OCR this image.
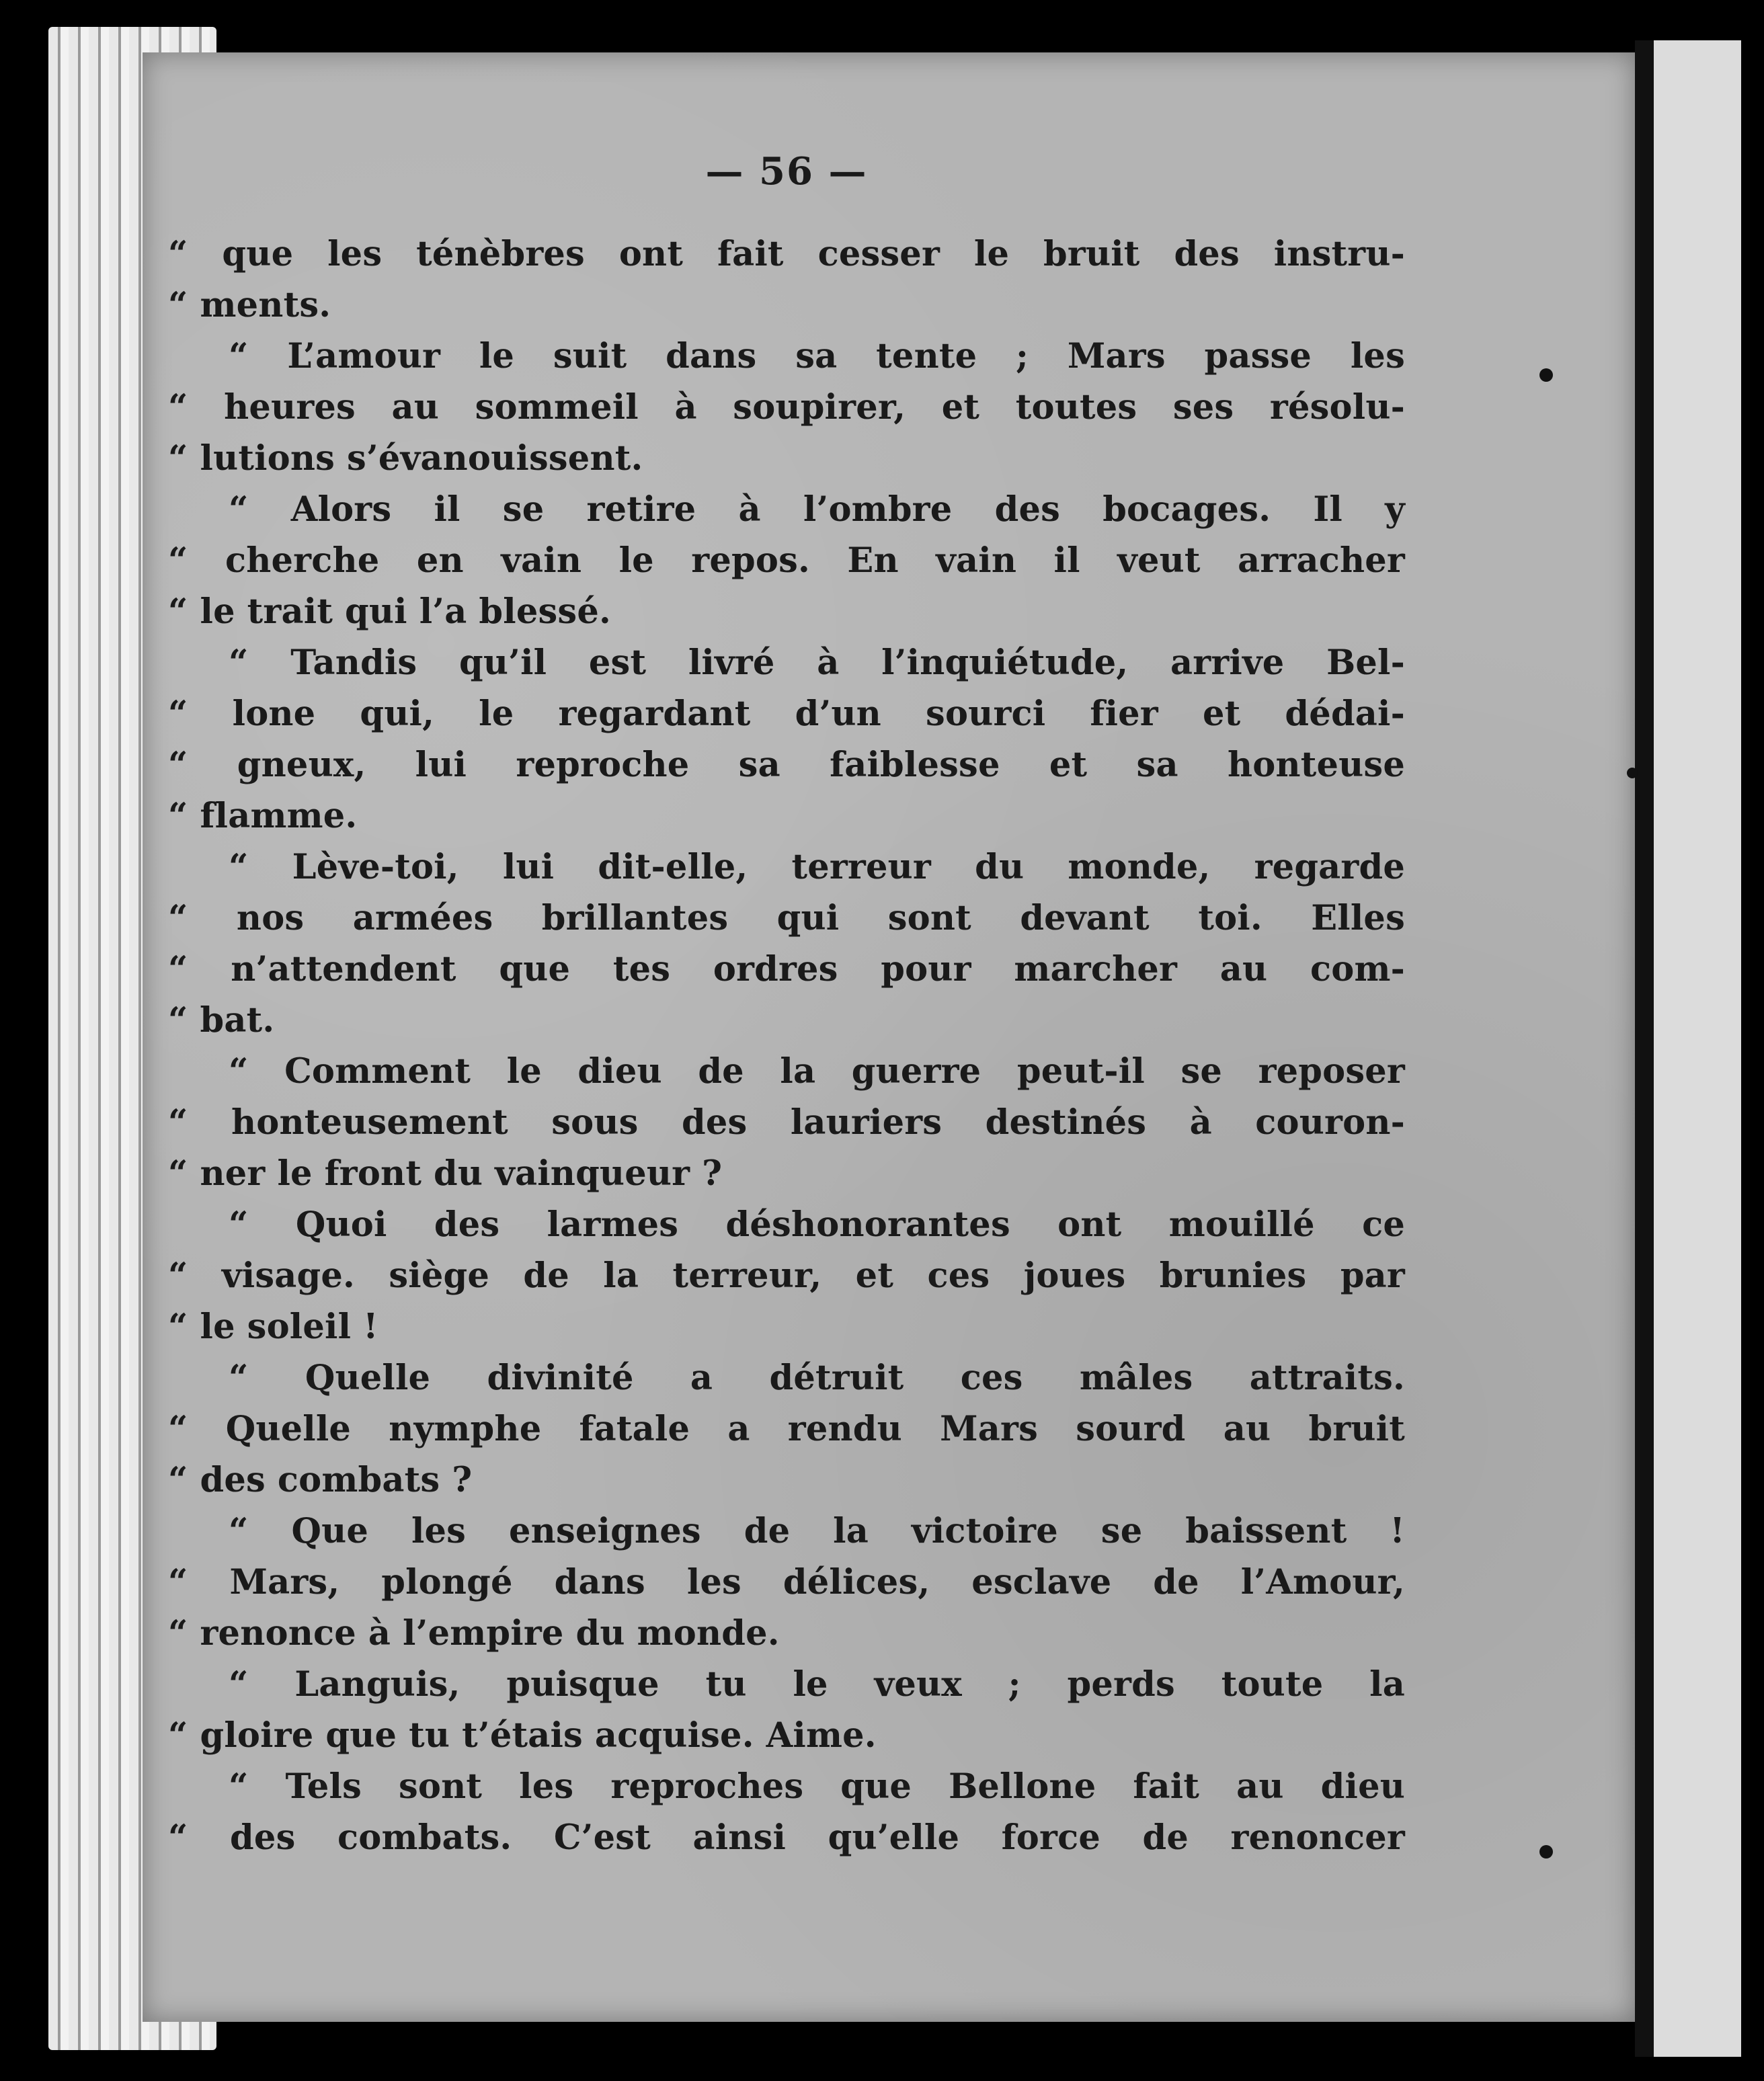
— 56 —
“ que les ténèbres ont fait cesser le bruit des instru-
“ ments.
“ L’amour le suit dans sa tente ; Mars passe les
“ heures au sommeil à soupirer, et toutes ses résolu-
“ lutions s’évanouissent.
“ Alors il se retire à l’ombre des bocages. Il y
“ cherche en vain le repos. En vain il veut arracher
“ le trait qui l’a blessé.
“ Tandis qu’il est livré à l’inquiétude, arrive Bel-
“ lone qui, le regardant d’un sourci fier et dédai-
“ gneux, lui reproche sa faiblesse et sa honteuse
“ flamme.
“ Lève-toi, lui dit-elle, terreur du monde, regarde
“ nos armées brillantes qui sont devant toi. Elles
“ n’attendent que tes ordres pour marcher au com-
“ bat.
“ Comment le dieu de la guerre peut-il se reposer
“ honteusement sous des lauriers destinés à couron-
“ ner le front du vainqueur ?
“ Quoi des larmes déshonorantes ont mouillé ce
“ visage. siège de la terreur, et ces joues brunies par
“ le soleil !
“ Quelle divinité a détruit ces mâles attraits.
“ Quelle nymphe fatale a rendu Mars sourd au bruit
“ des combats ?
“ Que les enseignes de la victoire se baissent !
“ Mars, plongé dans les délices, esclave de l’Amour,
“ renonce à l’empire du monde.
“ Languis, puisque tu le veux ; perds toute la
“ gloire que tu t’étais acquise. Aime.
“ Tels sont les reproches que Bellone fait au dieu
“ des combats. C’est ainsi qu’elle force de renoncer
